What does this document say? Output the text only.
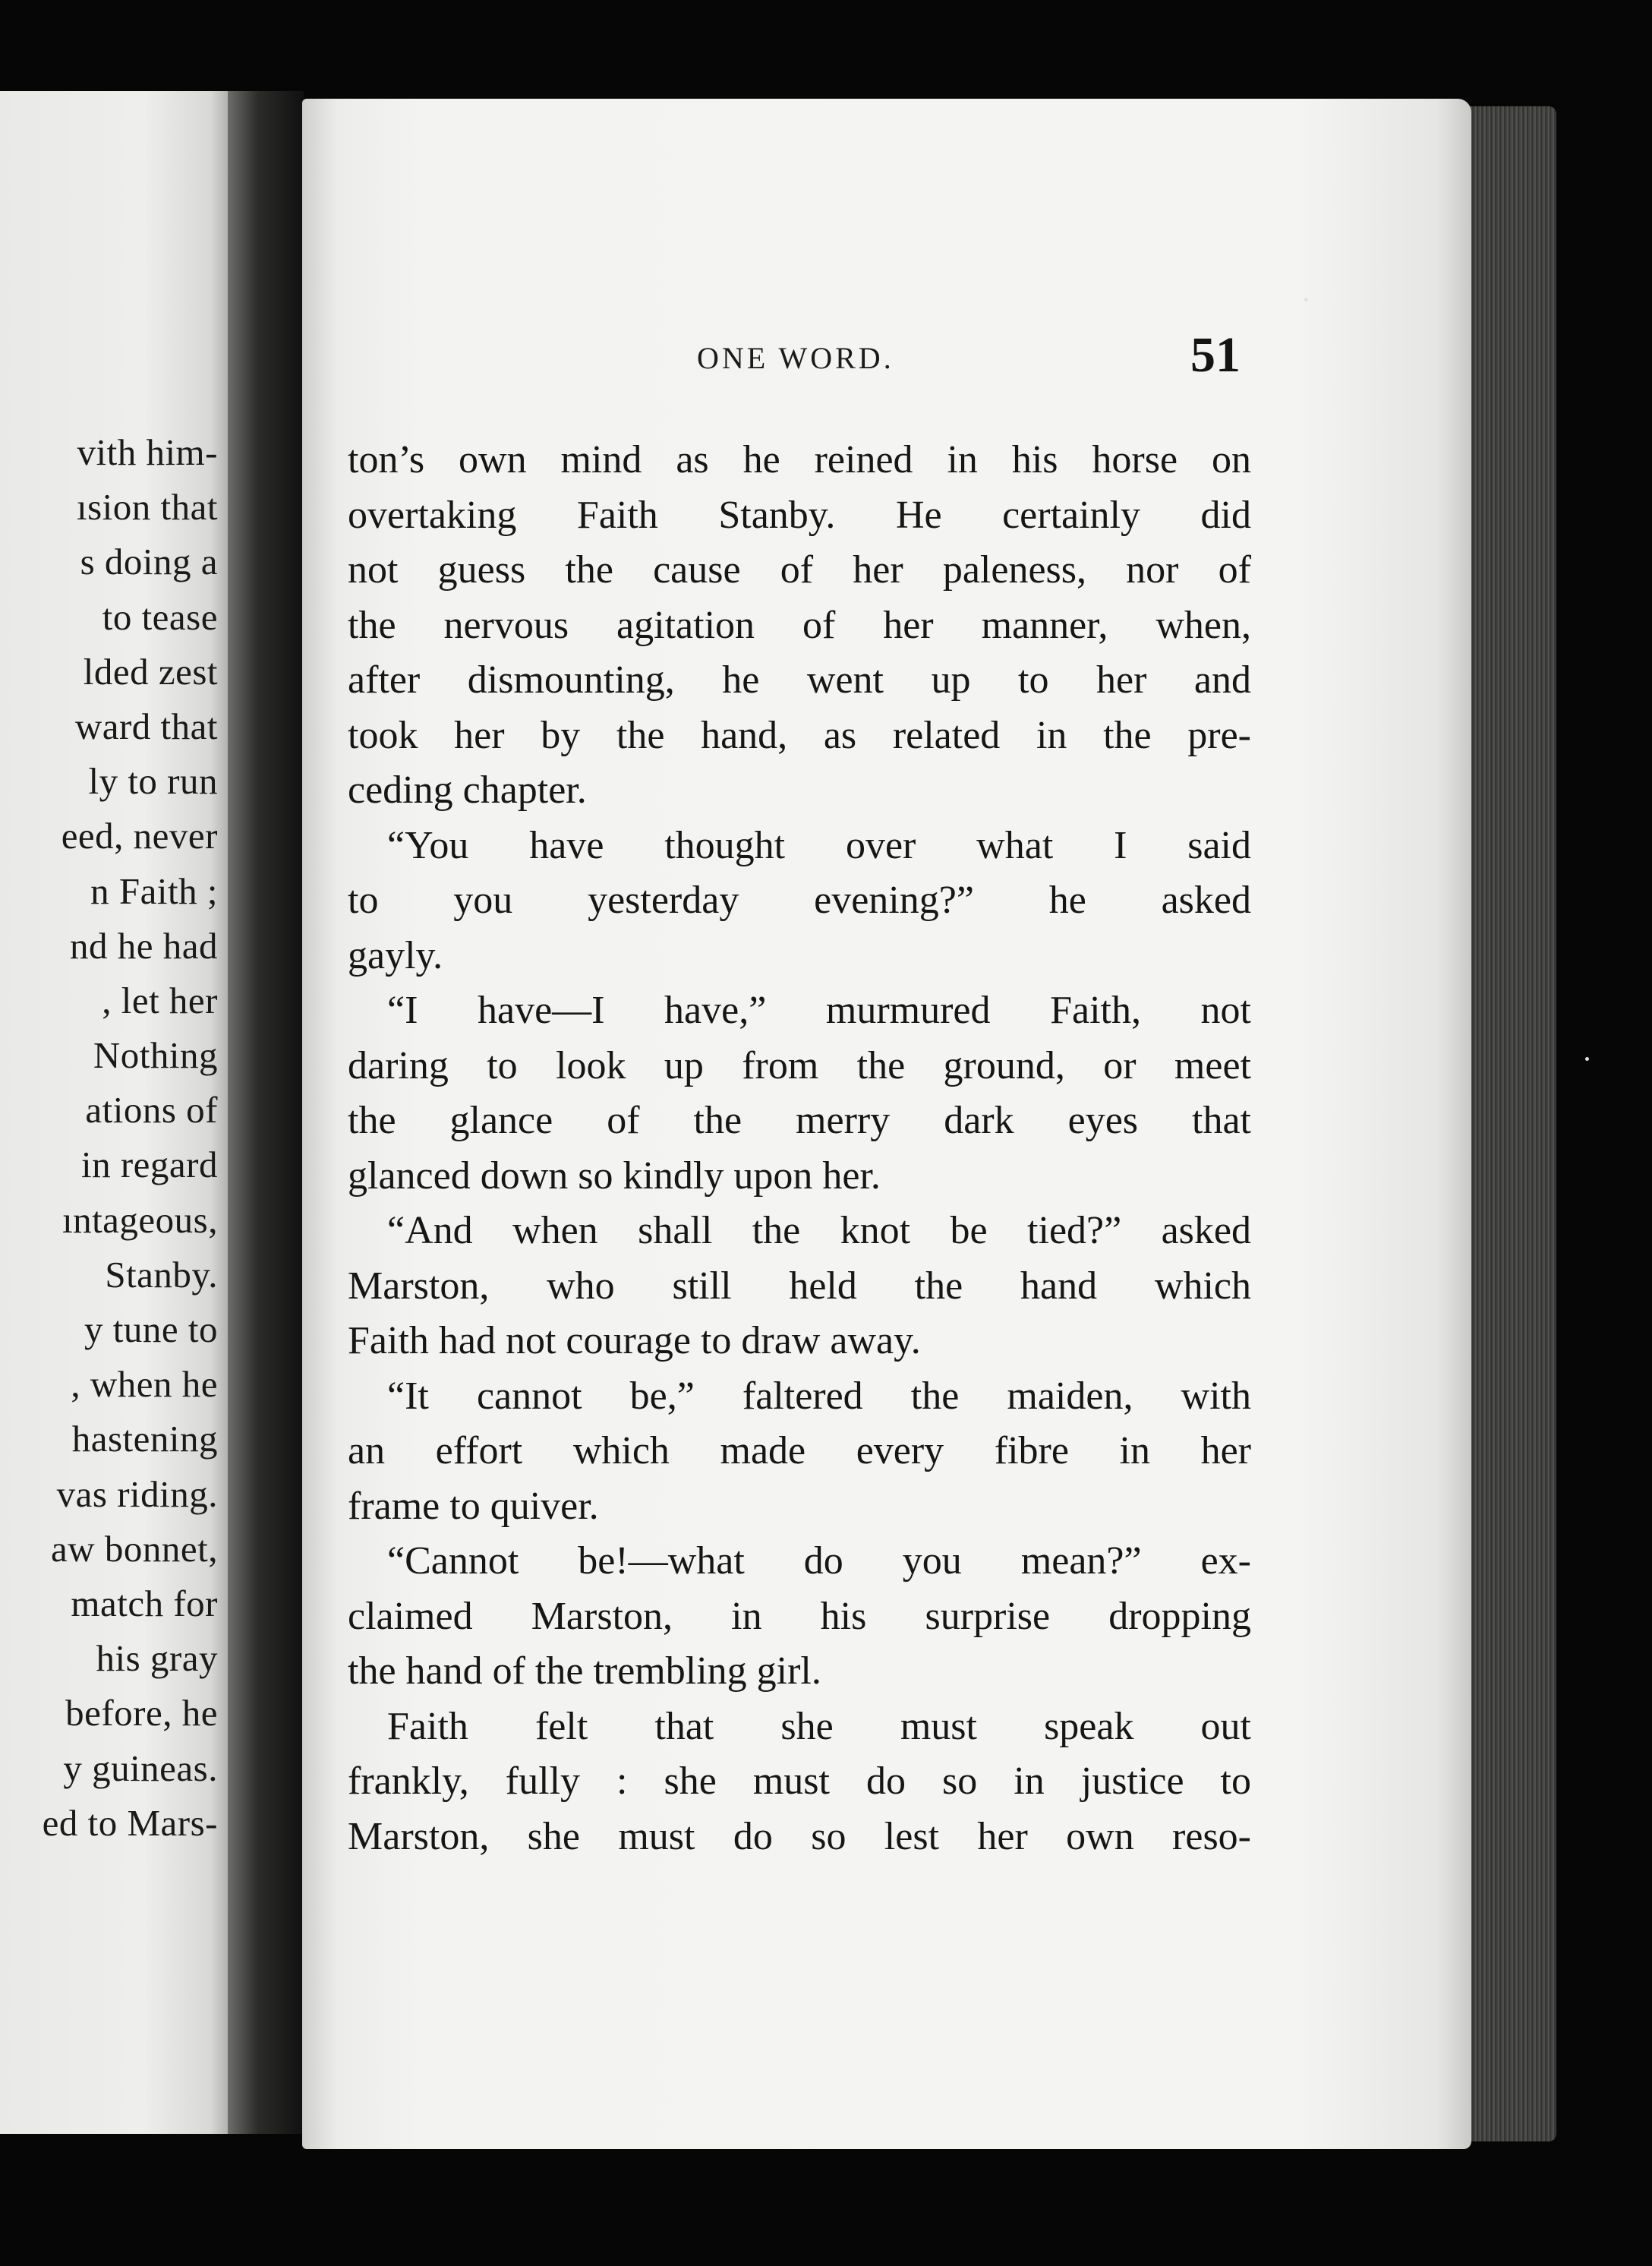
vith him-
ısion that
s doing a
to tease
lded zest
ward that
ly to run
eed, never
n Faith ;
nd he had
, let her
Nothing
ations of
in regard
ıntageous,
Stanby.
y tune to
, when he
hastening
vas riding.
aw bonnet,
match for
his gray
before, he
y guineas.
ed to Mars-
ONE WORD.	51
ton’s own mind as he reined in his horse on
overtaking Faith Stanby. He certainly did
not guess the cause of her paleness, nor of
the nervous agitation of her manner, when,
after dismounting, he went up to her and
took her by the hand, as related in the pre-
ceding chapter.
“You have thought over what I said
to you yesterday evening?” he asked
gayly.
“I have—I have,” murmured Faith, not
daring to look up from the ground, or meet
the glance of the merry dark eyes that
glanced down so kindly upon her.
“And when shall the knot be tied?” asked
Marston, who still held the hand which
Faith had not courage to draw away.
“It cannot be,” faltered the maiden, with
an effort which made every fibre in her
frame to quiver.
“Cannot be!—what do you mean?” ex-
claimed Marston, in his surprise dropping
the hand of the trembling girl.
Faith felt that she must speak out
frankly, fully : she must do so in justice to
Marston, she must do so lest her own reso-
